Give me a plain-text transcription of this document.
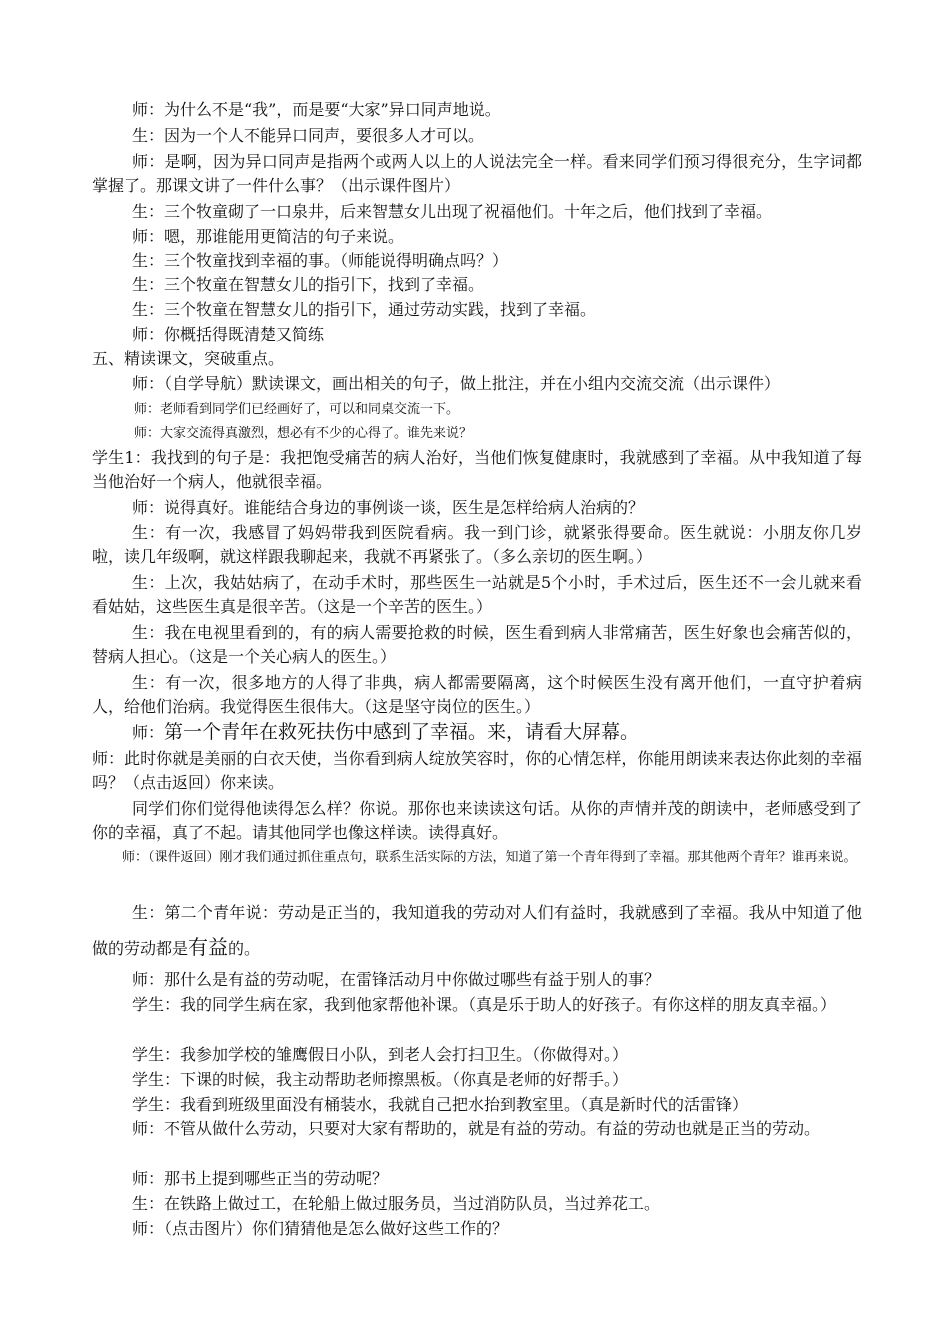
师：为什么不是“我”，而是要“大家”异口同声地说。

生：因为一个人不能异口同声，要很多人才可以。

师：是啊，因为异口同声是指两个或两人以上的人说法完全一样。看来同学们预习得很充分，生字词都掌握了。那课文讲了一件什么事？（出示课件图片）

生：三个牧童砌了一口泉井，后来智慧女儿出现了祝福他们。十年之后，他们找到了幸福。

师：嗯，那谁能用更简洁的句子来说。

生：三个牧童找到幸福的事。（师能说得明确点吗？）

生：三个牧童在智慧女儿的指引下，找到了幸福。

生：三个牧童在智慧女儿的指引下，通过劳动实践，找到了幸福。

师：你概括得既清楚又简练

五、精读课文，突破重点。

师：（自学导航）默读课文，画出相关的句子，做上批注，并在小组内交流交流（出示课件）

师：老师看到同学们已经画好了，可以和同桌交流一下。

师：大家交流得真激烈，想必有不少的心得了。谁先来说？

学生1：我找到的句子是：我把饱受痛苦的病人治好，当他们恢复健康时，我就感到了幸福。从中我知道了每当他治好一个病人，他就很幸福。

师：说得真好。谁能结合身边的事例谈一谈，医生是怎样给病人治病的？

生：有一次，我感冒了妈妈带我到医院看病。我一到门诊，就紧张得要命。医生就说：小朋友你几岁啦，读几年级啊，就这样跟我聊起来，我就不再紧张了。（多么亲切的医生啊。）

生：上次，我姑姑病了，在动手术时，那些医生一站就是5个小时，手术过后，医生还不一会儿就来看看姑姑，这些医生真是很辛苦。（这是一个辛苦的医生。）

生：我在电视里看到的，有的病人需要抢救的时候，医生看到病人非常痛苦，医生好象也会痛苦似的，替病人担心。（这是一个关心病人的医生。）

生：有一次，很多地方的人得了非典，病人都需要隔离，这个时候医生没有离开他们，一直守护着病人，给他们治病。我觉得医生很伟大。（这是坚守岗位的医生。）

师：第一个青年在救死扶伤中感到了幸福。来，请看大屏幕。

师：此时你就是美丽的白衣天使，当你看到病人绽放笑容时，你的心情怎样，你能用朗读来表达你此刻的幸福吗？（点击返回）你来读。

同学们你们觉得他读得怎么样？你说。那你也来读读这句话。从你的声情并茂的朗读中，老师感受到了你的幸福，真了不起。请其他同学也像这样读。读得真好。

师：（课件返回）刚才我们通过抓住重点句，联系生活实际的方法，知道了第一个青年得到了幸福。那其他两个青年？谁再来说。

生：第二个青年说：劳动是正当的，我知道我的劳动对人们有益时，我就感到了幸福。我从中知道了他做的劳动都是有益的。

师：那什么是有益的劳动呢，在雷锋活动月中你做过哪些有益于别人的事？

学生：我的同学生病在家，我到他家帮他补课。（真是乐于助人的好孩子。有你这样的朋友真幸福。）

学生：我参加学校的雏鹰假日小队，到老人会打扫卫生。（你做得对。）

学生：下课的时候，我主动帮助老师擦黑板。（你真是老师的好帮手。）

学生：我看到班级里面没有桶装水，我就自己把水抬到教室里。（真是新时代的活雷锋）

师：不管从做什么劳动，只要对大家有帮助的，就是有益的劳动。有益的劳动也就是正当的劳动。

师：那书上提到哪些正当的劳动呢？

生：在铁路上做过工，在轮船上做过服务员，当过消防队员，当过养花工。

师：（点击图片）你们猜猜他是怎么做好这些工作的？
